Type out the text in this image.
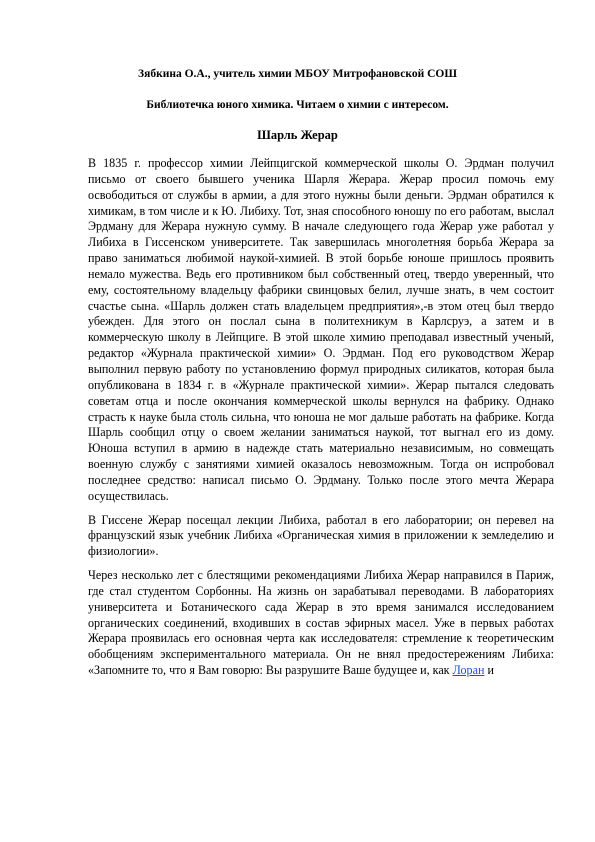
Зябкина О.А., учитель химии МБОУ Митрофановской СОШ
Библиотечка юного химика. Читаем о химии с интересом.
Шарль Жерар

В 1835 г. профессор химии Лейпцигской коммерческой школы О. Эрдман получил письмо от своего бывшего ученика Шарля Жерара. Жерар просил помочь ему освободиться от службы в армии, а для этого нужны были деньги. Эрдман обратился к химикам, в том числе и к Ю. Либиху. Тот, зная способного юношу по его работам, выслал Эрдману для Жерара нужную сумму. В начале следующего года Жерар уже работал у Либиха в Гиссенском университете. Так завершилась многолетняя борьба Жерара за право заниматься любимой наукой-химией. В этой борьбе юноше пришлось проявить немало мужества. Ведь его противником был собственный отец, твердо уверенный, что ему, состоятельному владельцу фабрики свинцовых белил, лучше знать, в чем состоит счастье сына. «Шарль должен стать владельцем предприятия»,-в этом отец был твердо убежден. Для этого он послал сына в политехникум в Карлсруэ, а затем и в коммерческую школу в Лейпциге. В этой школе химию преподавал известный ученый, редактор «Журнала практической химии» О. Эрдман. Под его руководством Жерар выполнил первую работу по установлению формул природных силикатов, которая была опубликована в 1834 г. в «Журнале практической химии». Жерар пытался следовать советам отца и после окончания коммерческой школы вернулся на фабрику. Однако страсть к науке была столь сильна, что юноша не мог дальше работать на фабрике. Когда Шарль сообщил отцу о своем желании заниматься наукой, тот выгнал его из дому. Юноша вступил в армию в надежде стать материально независимым, но совмещать военную службу с занятиями химией оказалось невозможным. Тогда он испробовал последнее средство: написал письмо О. Эрдману. Только после этого мечта Жерара осуществилась.

В Гиссене Жерар посещал лекции Либиха, работал в его лаборатории; он перевел на французский язык учебник Либиха «Органическая химия в приложении к земледелию и физиологии».

Через несколько лет с блестящими рекомендациями Либиха Жерар направился в Париж, где стал студентом Сорбонны. На жизнь он зарабатывал переводами. В лабораториях университета и Ботанического сада Жерар в это время занимался исследованием органических соединений, входивших в состав эфирных масел. Уже в первых работах Жерара проявилась его основная черта как исследователя: стремление к теоретическим обобщениям экспериментального материала. Он не внял предостережениям Либиха: «Запомните то, что я Вам говорю: Вы разрушите Ваше будущее и, как Лоран и
